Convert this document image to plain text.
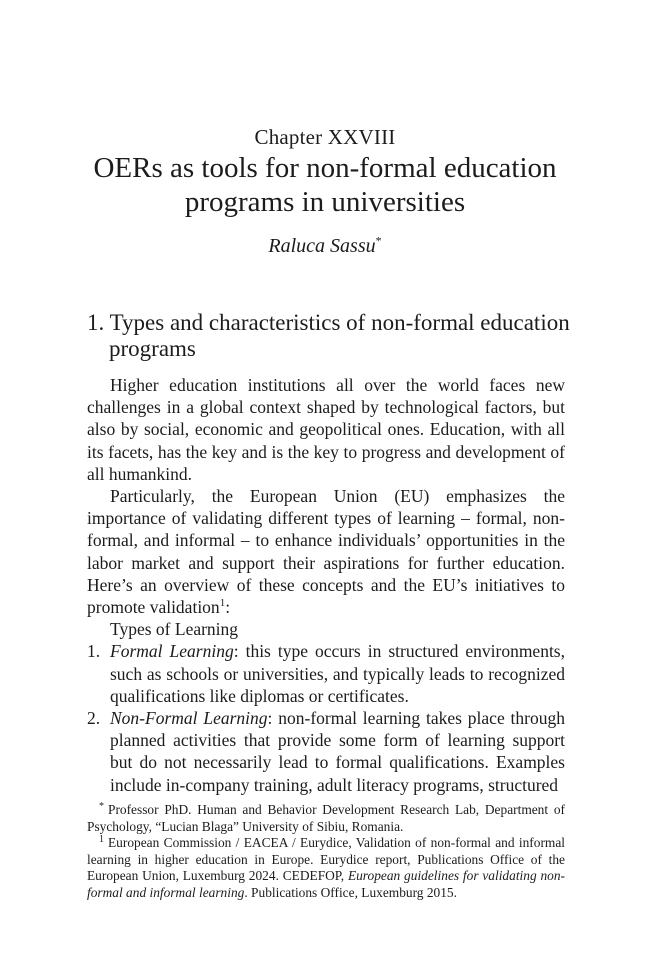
Chapter XXVIII
OERs as tools for non-formal education
programs in universities
Raluca Sassu*
1. Types and characteristics of non-formal education
programs

Higher education institutions all over the world faces new challenges in a global context shaped by technological factors, but also by social, economic and geopolitical ones. Education, with all its facets, has the key and is the key to progress and development of all humankind.

Particularly, the European Union (EU) emphasizes the importance of validating different types of learning – formal, non-formal, and informal – to enhance individuals’ opportunities in the labor market and support their aspirations for further education. Here’s an overview of these concepts and the EU’s initiatives to promote validation$^1$:

Types of Learning

1. Formal Learning: this type occurs in structured environments, such as schools or universities, and typically leads to recognized qualifications like diplomas or certificates.
2. Non-Formal Learning: non-formal learning takes place through planned activities that provide some form of learning support but do not necessarily lead to formal qualifications. Examples include in-company training, adult literacy programs, structured

* Professor PhD. Human and Behavior Development Research Lab, Department of Psychology, “Lucian Blaga” University of Sibiu, Romania.

$^1$ European Commission / EACEA / Eurydice, Validation of non-formal and informal learning in higher education in Europe. Eurydice report, Publications Office of the European Union, Luxemburg 2024. CEDEFOP, European guidelines for validating non-formal and informal learning. Publications Office, Luxemburg 2015.
